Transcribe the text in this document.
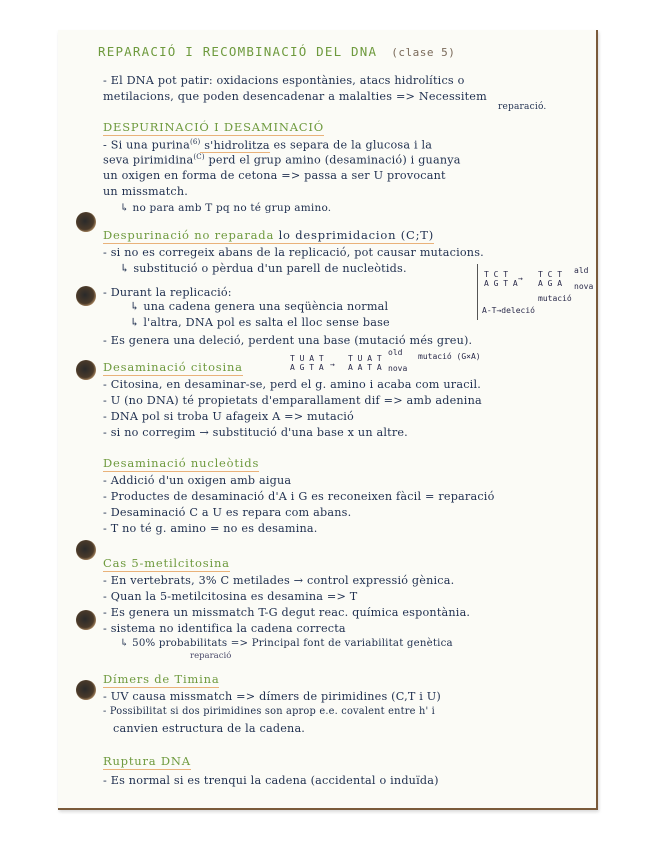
REPARACIÓ I RECOMBINACIÓ DEL DNA (clase 5)
- El DNA pot patir: oxidacions espontànies, atacs hidrolítics o
metilacions, que poden desencadenar a malalties => Necessitem
reparació.
DESPURINACIÓ I DESAMINACIÓ
- Si una purina$^{(6)}$ s'hidrolitza es separa de la glucosa i la
seva pirimidina$^{(C)}$ perd el grup amino (desaminació) i guanya
un oxigen en forma de cetona => passa a ser U provocant
un missmatch.
↳ no para amb T pq no té grup amino.
Despurinació no reparada lo desprimidacion (C;T)
- si no es corregeix abans de la replicació, pot causar mutacions.
↳ substitució o pèrdua d'un parell de nucleòtids.
- Durant la replicació:
↳ una cadena genera una seqüència normal
↳ l'altra, DNA pol es salta el lloc sense base
- Es genera una deleció, perdent una base (mutació més greu).
T C T
A G T A
→ T C T
A G A
ald
nova
mutació
A-T→deleció
Desaminació citosina
T U A T
A G T A →
T U A T
A A T A
old
nova
mutació (G×A)
- Citosina, en desaminar-se, perd el g. amino i acaba com uracil.
- U (no DNA) té propietats d'emparallament dif => amb adenina
- DNA pol si troba U afageix A => mutació
- si no corregim → substitució d'una base x un altre.
Desaminació nucleòtids
- Addició d'un oxigen amb aigua
- Productes de desaminació d'A i G es reconeixen fàcil = reparació
- Desaminació C a U es repara com abans.
- T no té g. amino = no es desamina.
Cas 5-metilcitosina
- En vertebrats, 3% C metilades → control expressió gènica.
- Quan la 5-metilcitosina es desamina => T
- Es genera un missmatch T-G degut reac. química espontània.
- sistema no identifica la cadena correcta
↳ 50% probabilitats => Principal font de variabilitat genètica
reparació
Dímers de Timina
- UV causa missmatch => dímers de pirimidines (C,T i U)
- Possibilitat si dos pirimidines son aprop e.e. covalent entre h' i
canvien estructura de la cadena.
Ruptura DNA
- Es normal si es trenqui la cadena (accidental o induïda)
